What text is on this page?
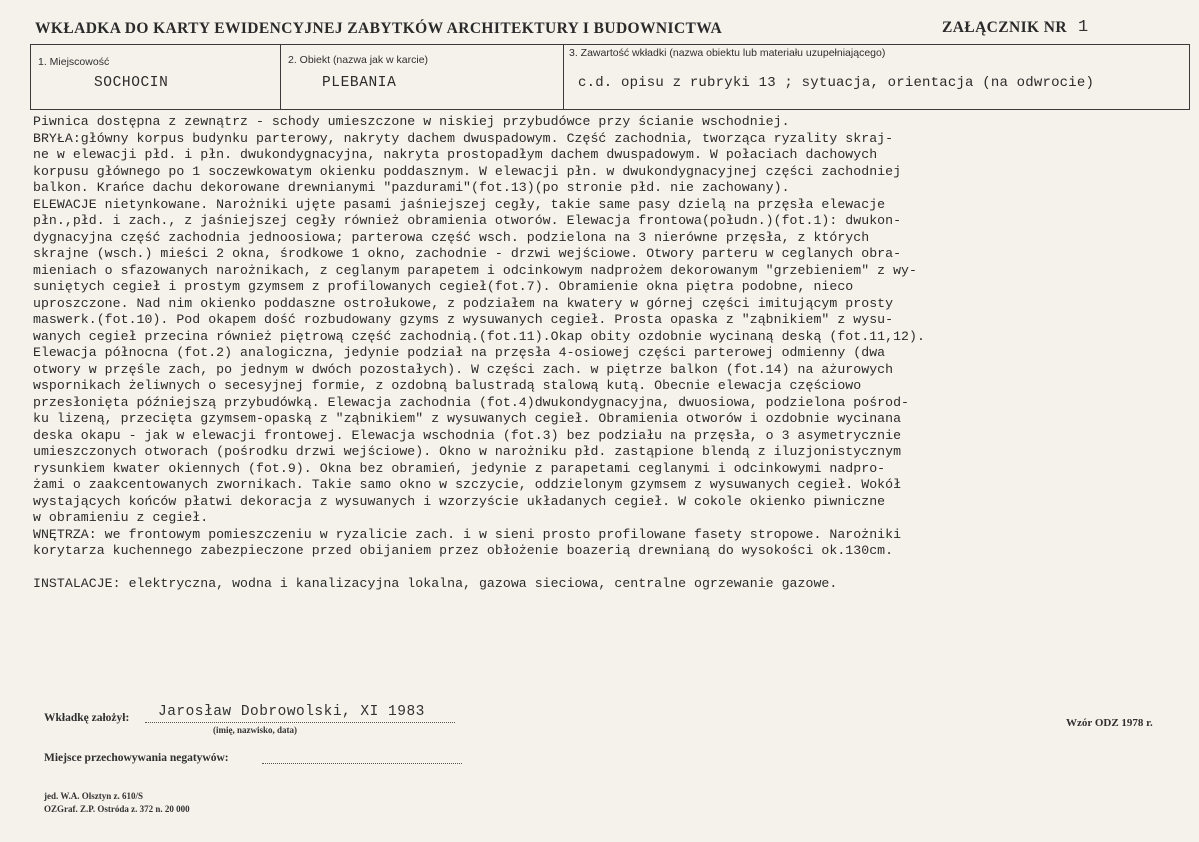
WKŁADKA DO KARTY EWIDENCYJNEJ ZABYTKÓW ARCHITEKTURY I BUDOWNICTWA	ZAŁĄCZNIK NR 1
1. Miejscowość
SOCHOCIN
2. Obiekt (nazwa jak w karcie)
PLEBANIA
3. Zawartość wkładki (nazwa obiektu lub materiału uzupełniającego)
c.d. opisu z rubryki 13 ; sytuacja, orientacja (na odwrocie)
Piwnica dostępna z zewnątrz - schody umieszczone w niskiej przybudówce przy ścianie wschodniej.
BRYŁA:główny korpus budynku parterowy, nakryty dachem dwuspadowym. Część zachodnia, tworząca ryzality skraj-
ne w elewacji płd. i płn. dwukondygnacyjna, nakryta prostopadłym dachem dwuspadowym. W połaciach dachowych
korpusu głównego po 1 soczewkowatym okienku poddasznym. W elewacji płn. w dwukondygnacyjnej części zachodniej
balkon. Krańce dachu dekorowane drewnianymi "pazdurami"(fot.13)(po stronie płd. nie zachowany).
ELEWACJE nietynkowane. Narożniki ujęte pasami jaśniejszej cegły, takie same pasy dzielą na przęsła elewacje
płn.,płd. i zach., z jaśniejszej cegły również obramienia otworów. Elewacja frontowa(połudn.)(fot.1): dwukon-
dygnacyjna część zachodnia jednoosiowa; parterowa część wsch. podzielona na 3 nierówne przęsła, z których
skrajne (wsch.) mieści 2 okna, środkowe 1 okno, zachodnie - drzwi wejściowe. Otwory parteru w ceglanych obra-
mieniach o sfazowanych narożnikach, z ceglanym parapetem i odcinkowym nadprożem dekorowanym "grzebieniem" z wy-
suniętych cegieł i prostym gzymsem z profilowanych cegieł(fot.7). Obramienie okna piętra podobne, nieco
uproszczone. Nad nim okienko poddaszne ostrołukowe, z podziałem na kwatery w górnej części imitującym prosty
maswerk.(fot.10). Pod okapem dość rozbudowany gzyms z wysuwanych cegieł. Prosta opaska z "ząbnikiem" z wysu-
wanych cegieł przecina również piętrową część zachodnią.(fot.11).Okap obity ozdobnie wycinaną deską (fot.11,12).
Elewacja północna (fot.2) analogiczna, jedynie podział na przęsła 4-osiowej części parterowej odmienny (dwa
otwory w przęśle zach, po jednym w dwóch pozostałych). W części zach. w piętrze balkon (fot.14) na ażurowych
wspornikach żeliwnych o secesyjnej formie, z ozdobną balustradą stalową kutą. Obecnie elewacja częściowo
przesłonięta późniejszą przybudówką. Elewacja zachodnia (fot.4)dwukondygnacyjna, dwuosiowa, podzielona pośrod-
ku lizeną, przecięta gzymsem-opaską z "ząbnikiem" z wysuwanych cegieł. Obramienia otworów i ozdobnie wycinana
deska okapu - jak w elewacji frontowej. Elewacja wschodnia (fot.3) bez podziału na przęsła, o 3 asymetrycznie
umieszczonych otworach (pośrodku drzwi wejściowe). Okno w narożniku płd. zastąpione blendą z iluzjonistycznym
rysunkiem kwater okiennych (fot.9). Okna bez obramień, jedynie z parapetami ceglanymi i odcinkowymi nadpro-
żami o zaakcentowanych zwornikach. Takie samo okno w szczycie, oddzielonym gzymsem z wysuwanych cegieł. Wokół
wystających końców płatwi dekoracja z wysuwanych i wzorzyście układanych cegieł. W cokole okienko piwniczne
w obramieniu z cegieł.
WNĘTRZA: we frontowym pomieszczeniu w ryzalicie zach. i w sieni prosto profilowane fasety stropowe. Narożniki
korytarza kuchennego zabezpieczone przed obijaniem przez obłożenie boazerią drewnianą do wysokości ok.130cm.
INSTALACJE: elektryczna, wodna i kanalizacyjna lokalna, gazowa sieciowa, centralne ogrzewanie gazowe.
Wkładkę założył: Jarosław Dobrowolski, XI 1983
(imię, nazwisko, data)
Wzór ODZ 1978 r.
Miejsce przechowywania negatywów:
jed. W.A. Olsztyn z. 610/S
OZGraf. Z.P. Ostróda z. 372 n. 20 000
